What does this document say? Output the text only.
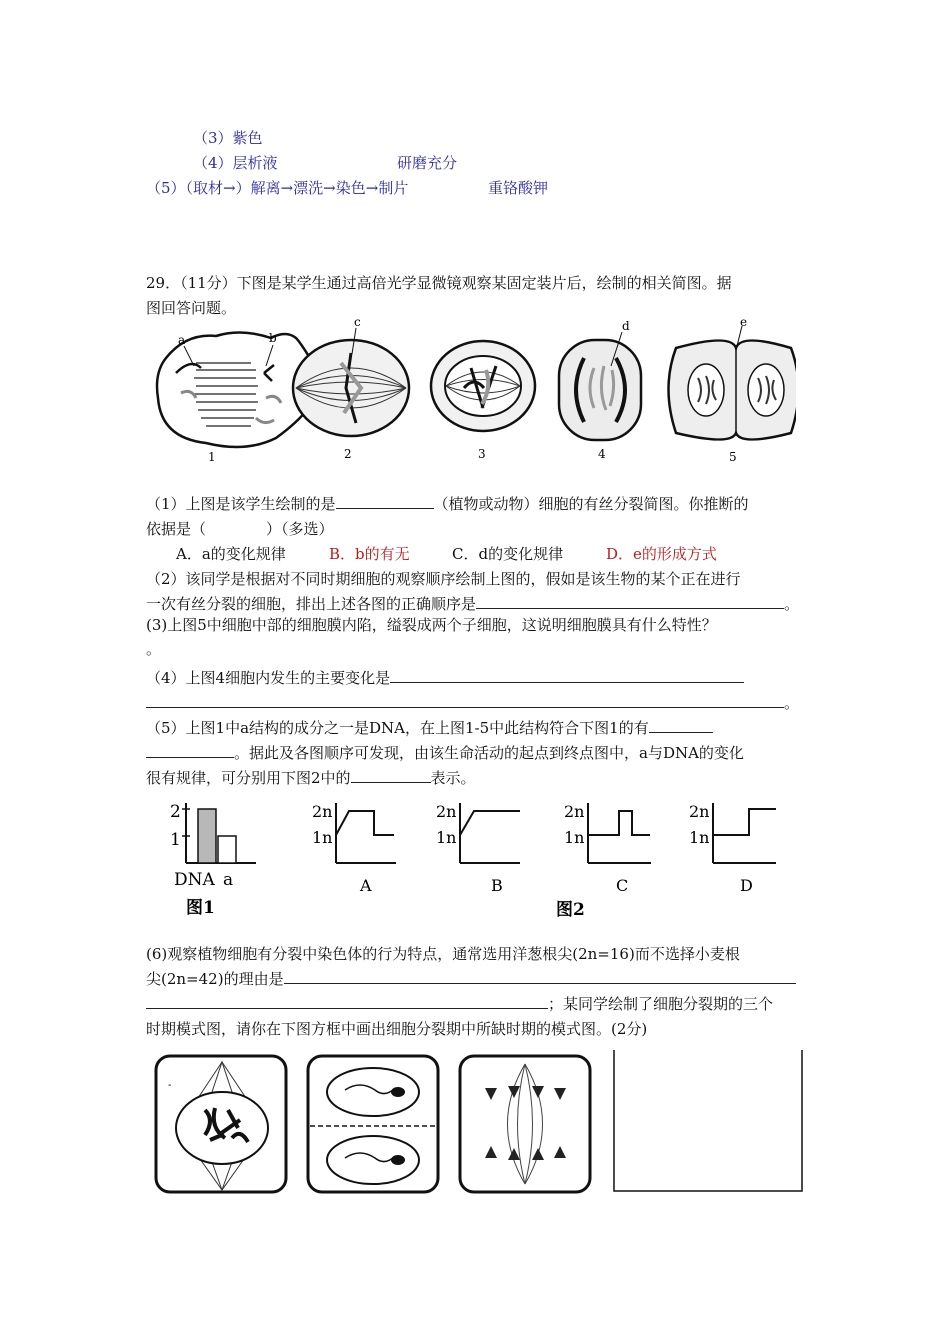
（3）紫色
（4）层析液	研磨充分
（5）（取材→）解离→漂洗→染色→制片	重铬酸钾
29．（11分）下图是某学生通过高倍光学显微镜观察某固定装片后，绘制的相关简图。据
图回答问题。
a	b
1
c
2	3
d
4
e
5
（1）上图是该学生绘制的是	（植物或动物）细胞的有丝分裂简图。你推断的
依据是（	）（多选）
A．a的变化规律	B．b的有无	C．d的变化规律	D．e的形成方式
（2）该同学是根据对不同时期细胞的观察顺序绘制上图的，假如是该生物的某个正在进行
一次有丝分裂的细胞，排出上述各图的正确顺序是	。
(3)上图5中细胞中部的细胞膜内陷，缢裂成两个子细胞，这说明细胞膜具有什么特性？
。
（4）上图4细胞内发生的主要变化是
。
（5）上图1中a结构的成分之一是DNA，在上图1-5中此结构符合下图1的有
。据此及各图顺序可发现，由该生命活动的起点到终点图中，a与DNA的变化
很有规律，可分别用下图2中的	表示。
2
1
DNA a
图1
2n
1n
A
2n
1n
B
2n
1n
C
2n
1n
D
图2
(6)观察植物细胞有分裂中染色体的行为特点，通常选用洋葱根尖(2n=16)而不选择小麦根
尖(2n=42)的理由是
；某同学绘制了细胞分裂期的三个
时期模式图，请你在下图方框中画出细胞分裂期中所缺时期的模式图。(2分)
-
